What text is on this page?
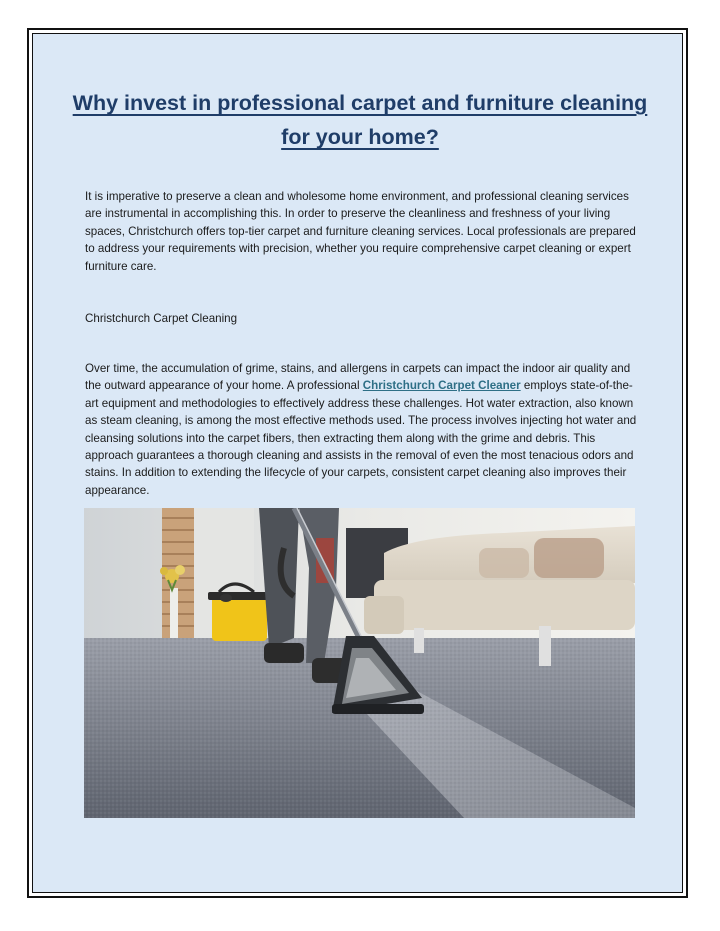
Why invest in professional carpet and furniture cleaning for your home?

It is imperative to preserve a clean and wholesome home environment, and professional cleaning services are instrumental in accomplishing this. In order to preserve the cleanliness and freshness of your living spaces, Christchurch offers top-tier carpet and furniture cleaning services. Local professionals are prepared to address your requirements with precision, whether you require comprehensive carpet cleaning or expert furniture care.

Christchurch Carpet Cleaning

Over time, the accumulation of grime, stains, and allergens in carpets can impact the indoor air quality and the outward appearance of your home. A professional Christchurch Carpet Cleaner employs state-of-the-art equipment and methodologies to effectively address these challenges. Hot water extraction, also known as steam cleaning, is among the most effective methods used. The process involves injecting hot water and cleansing solutions into the carpet fibers, then extracting them along with the grime and debris. This approach guarantees a thorough cleaning and assists in the removal of even the most tenacious odors and stains. In addition to extending the lifecycle of your carpets, consistent carpet cleaning also improves their appearance.
